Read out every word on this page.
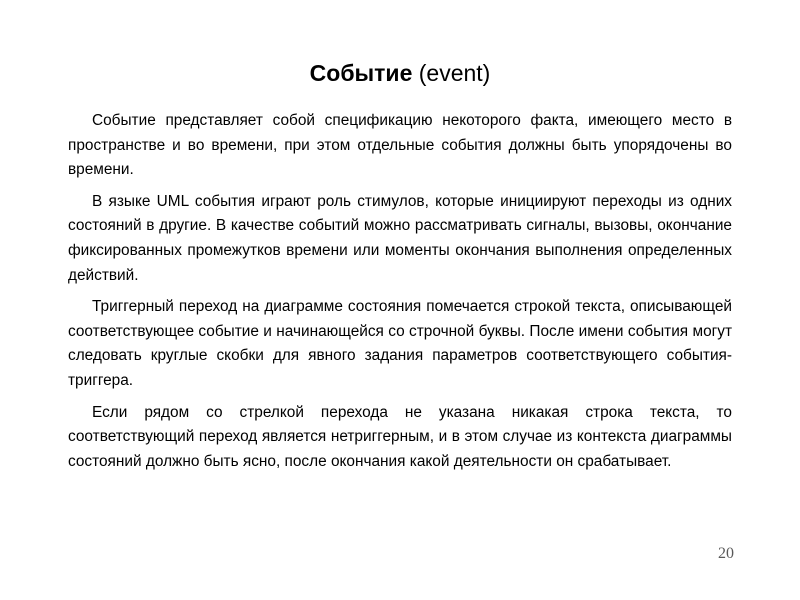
Событие (event)

Событие представляет собой спецификацию некоторого факта, имеющего место в пространстве и во времени, при этом отдельные события должны быть упорядочены во времени.

В языке UML события играют роль стимулов, которые инициируют переходы из одних состояний в другие. В качестве событий можно рассматривать сигналы, вызовы, окончание фиксированных промежутков времени или моменты окончания выполнения определенных действий.

Триггерный переход на диаграмме состояния помечается строкой текста, описывающей соответствующее событие и начинающейся со строчной буквы. После имени события могут следовать круглые скобки для явного задания параметров соответствующего события-триггера.

Если рядом со стрелкой перехода не указана никакая строка текста, то соответствующий переход является нетриггерным, и в этом случае из контекста диаграммы состояний должно быть ясно, после окончания какой деятельности он срабатывает.

20
